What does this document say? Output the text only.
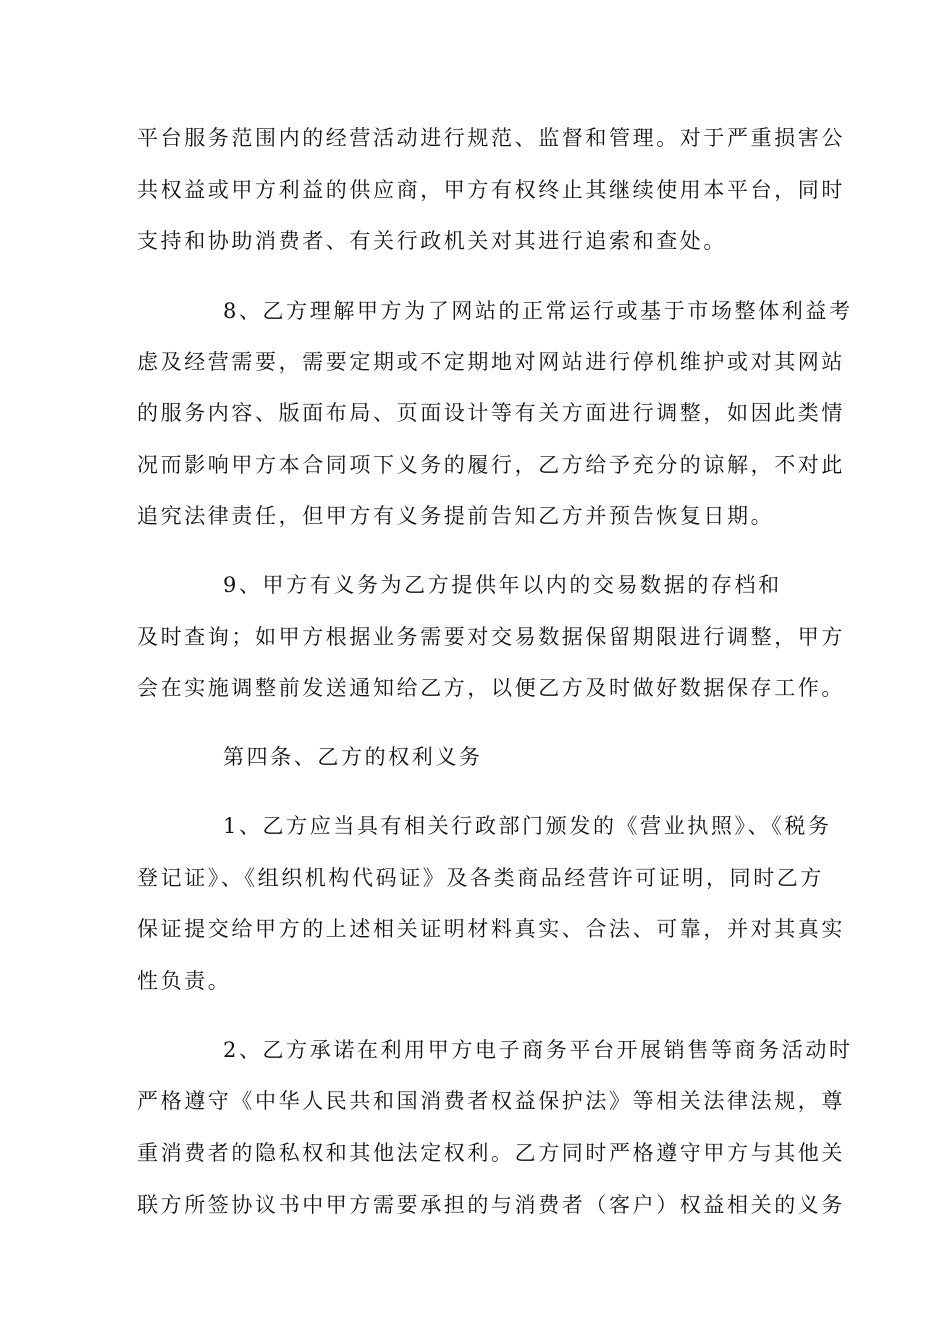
平台服务范围内的经营活动进行规范、监督和管理。对于严重损害公
共权益或甲方利益的供应商，甲方有权终止其继续使用本平台，同时
支持和协助消费者、有关行政机关对其进行追索和查处。
8、乙方理解甲方为了网站的正常运行或基于市场整体利益考
虑及经营需要，需要定期或不定期地对网站进行停机维护或对其网站
的服务内容、版面布局、页面设计等有关方面进行调整，如因此类情
况而影响甲方本合同项下义务的履行，乙方给予充分的谅解，不对此
追究法律责任，但甲方有义务提前告知乙方并预告恢复日期。
9、甲方有义务为乙方提供年以内的交易数据的存档和
及时查询；如甲方根据业务需要对交易数据保留期限进行调整，甲方
会在实施调整前发送通知给乙方，以便乙方及时做好数据保存工作。
第四条、乙方的权利义务
1、乙方应当具有相关行政部门颁发的《营业执照》、《税务
登记证》、《组织机构代码证》及各类商品经营许可证明，同时乙方
保证提交给甲方的上述相关证明材料真实、合法、可靠，并对其真实
性负责。
2、乙方承诺在利用甲方电子商务平台开展销售等商务活动时
严格遵守《中华人民共和国消费者权益保护法》等相关法律法规，尊
重消费者的隐私权和其他法定权利。乙方同时严格遵守甲方与其他关
联方所签协议书中甲方需要承担的与消费者（客户）权益相关的义务
